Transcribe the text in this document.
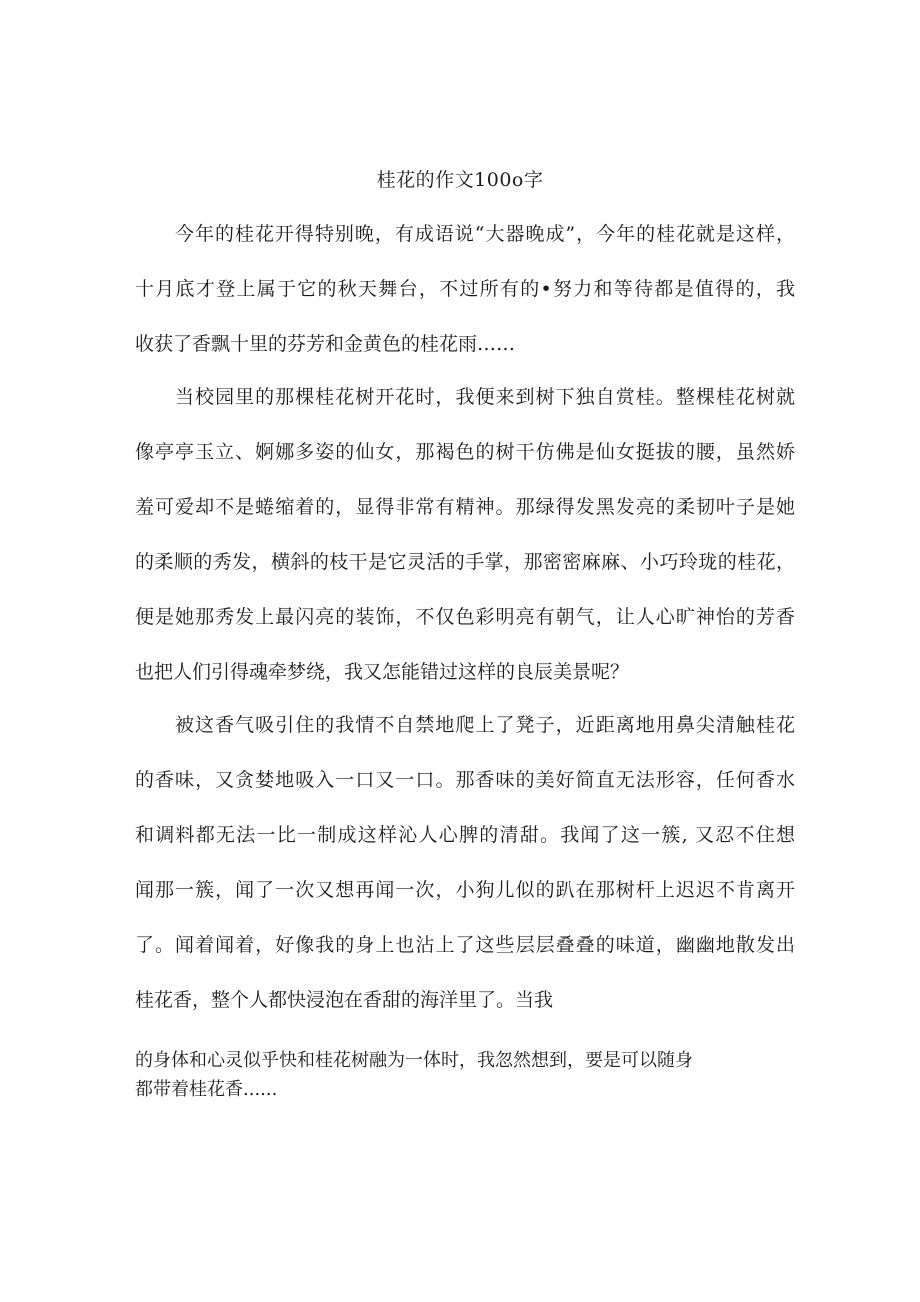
桂花的作文100o字
今年的桂花开得特别晚，有成语说“大器晚成”，今年的桂花就是这样，
十月底才登上属于它的秋天舞台，不过所有的•努力和等待都是值得的，我
收获了香飘十里的芬芳和金黄色的桂花雨……
当校园里的那棵桂花树开花时，我便来到树下独自赏桂。整棵桂花树就
像亭亭玉立、婀娜多姿的仙女，那褐色的树干仿佛是仙女挺拔的腰，虽然娇
羞可爱却不是蜷缩着的，显得非常有精神。那绿得发黑发亮的柔韧叶子是她
的柔顺的秀发，横斜的枝干是它灵活的手掌，那密密麻麻、小巧玲珑的桂花，
便是她那秀发上最闪亮的装饰，不仅色彩明亮有朝气，让人心旷神怡的芳香
也把人们引得魂牵梦绕，我又怎能错过这样的良辰美景呢？
被这香气吸引住的我情不自禁地爬上了凳子，近距离地用鼻尖清触桂花
的香味，又贪婪地吸入一口又一口。那香味的美好简直无法形容，任何香水
和调料都无法一比一制成这样沁人心脾的清甜。我闻了这一簇, 又忍不住想
闻那一簇，闻了一次又想再闻一次，小狗儿似的趴在那树杆上迟迟不肯离开
了。闻着闻着，好像我的身上也沾上了这些层层叠叠的味道，幽幽地散发出
桂花香，整个人都快浸泡在香甜的海洋里了。当我
的身体和心灵似乎快和桂花树融为一体时，我忽然想到，要是可以随身
都带着桂花香......
